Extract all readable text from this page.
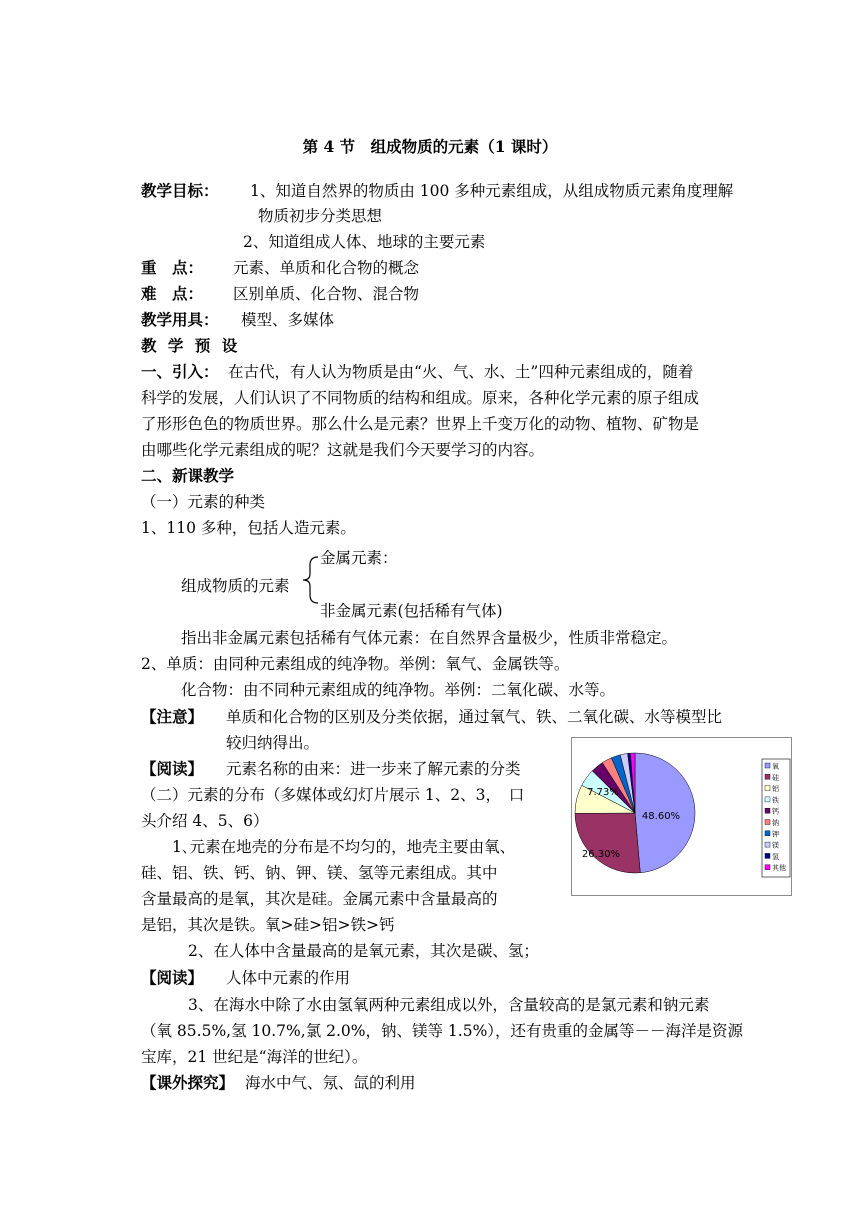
第 4 节　组成物质的元素（1 课时）
教学目标： 1、知道自然界的物质由 100 多种元素组成，从组成物质元素角度理解
物质初步分类思想
2、知道组成人体、地球的主要元素
重　点： 元素、单质和化合物的概念
难　点： 区别单质、化合物、混合物
教学用具： 模型、多媒体
教 学 预 设
一、引入： 在古代，有人认为物质是由“火、气、水、土”四种元素组成的，随着
科学的发展，人们认识了不同物质的结构和组成。原来，各种化学元素的原子组成
了形形色色的物质世界。那么什么是元素？世界上千变万化的动物、植物、矿物是
由哪些化学元素组成的呢？这就是我们今天要学习的内容。
二、新课教学
（一）元素的种类
1、110 多种，包括人造元素。
金属元素：
组成物质的元素
非金属元素(包括稀有气体)
指出非金属元素包括稀有气体元素：在自然界含量极少，性质非常稳定。
2、单质：由同种元素组成的纯净物。举例：氧气、金属铁等。
化合物：由不同种元素组成的纯净物。举例：二氧化碳、水等。
【注意】 单质和化合物的区别及分类依据，通过氧气、铁、二氧化碳、水等模型比
较归纳得出。
【阅读】 元素名称的由来：进一步来了解元素的分类
（二）元素的分布（多媒体或幻灯片展示 1、2、3，　口
头介绍 4、5、6）
1､元素在地壳的分布是不均匀的，地壳主要由氧、
硅、铝、铁、钙、钠、钾、镁、氢等元素组成。其中
含量最高的是氧，其次是硅。金属元素中含量最高的
是铝，其次是铁。氧>硅>铝>铁>钙
2、在人体中含量最高的是氧元素，其次是碳、氢；
【阅读】 人体中元素的作用
3、在海水中除了水由氢氧两种元素组成以外，含量较高的是氯元素和钠元素
（氧 85.5%,氢 10.7%,氯 2.0%，钠、镁等 1.5%），还有贵重的金属等－－海洋是资源
宝库，21 世纪是“海洋的世纪）。
【课外探究】 海水中气、氖、氙的利用
48.60%
26.30%
7.73%
氧
硅
铝
铁
钙
钠
钾
镁
氢
其他
